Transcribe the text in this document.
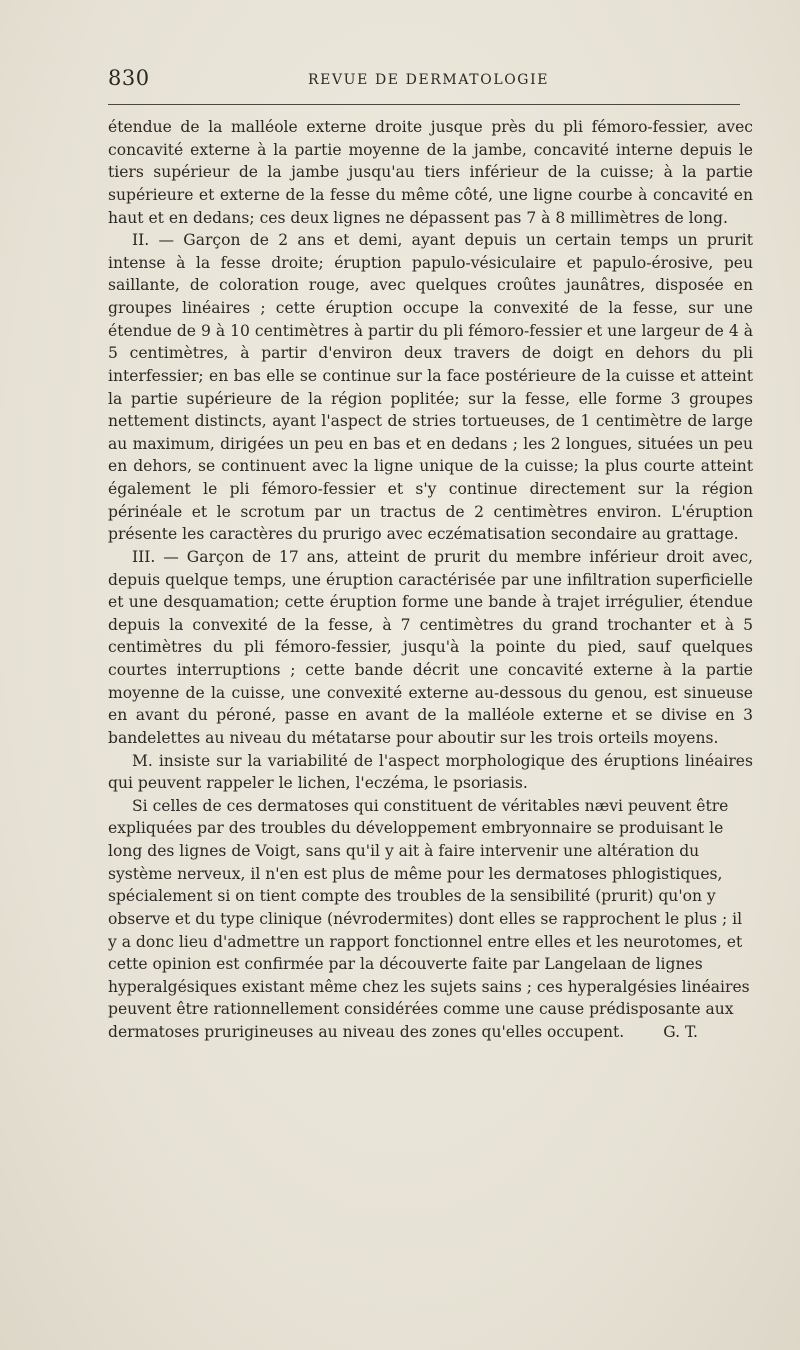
830	REVUE DE DERMATOLOGIE

étendue de la malléole externe droite jusque près du pli fémoro-fessier, avec concavité externe à la partie moyenne de la jambe, concavité interne depuis le tiers supérieur de la jambe jusqu'au tiers inférieur de la cuisse; à la partie supérieure et externe de la fesse du même côté, une ligne courbe à concavité en haut et en dedans; ces deux lignes ne dépassent pas 7 à 8 millimètres de long.

II. — Garçon de 2 ans et demi, ayant depuis un certain temps un prurit intense à la fesse droite; éruption papulo-vésiculaire et papulo-érosive, peu saillante, de coloration rouge, avec quelques croûtes jaunâtres, disposée en groupes linéaires ; cette éruption occupe la convexité de la fesse, sur une étendue de 9 à 10 centimètres à partir du pli fémoro-fessier et une largeur de 4 à 5 centimètres, à partir d'environ deux travers de doigt en dehors du pli interfessier; en bas elle se continue sur la face postérieure de la cuisse et atteint la partie supérieure de la région poplitée; sur la fesse, elle forme 3 groupes nettement distincts, ayant l'aspect de stries tortueuses, de 1 centimètre de large au maximum, dirigées un peu en bas et en dedans ; les 2 longues, situées un peu en dehors, se continuent avec la ligne unique de la cuisse; la plus courte atteint également le pli fémoro-fessier et s'y continue directement sur la région périnéale et le scrotum par un tractus de 2 centimètres environ. L'éruption présente les caractères du prurigo avec eczématisation secondaire au grattage.

III. — Garçon de 17 ans, atteint de prurit du membre inférieur droit avec, depuis quelque temps, une éruption caractérisée par une infiltration superficielle et une desquamation; cette éruption forme une bande à trajet irrégulier, étendue depuis la convexité de la fesse, à 7 centimètres du grand trochanter et à 5 centimètres du pli fémoro-fessier, jusqu'à la pointe du pied, sauf quelques courtes interruptions ; cette bande décrit une concavité externe à la partie moyenne de la cuisse, une convexité externe au-dessous du genou, est sinueuse en avant du péroné, passe en avant de la malléole externe et se divise en 3 bandelettes au niveau du métatarse pour aboutir sur les trois orteils moyens.

M. insiste sur la variabilité de l'aspect morphologique des éruptions linéaires qui peuvent rappeler le lichen, l'eczéma, le psoriasis.

Si celles de ces dermatoses qui constituent de véritables nævi peuvent être expliquées par des troubles du développement embryonnaire se produisant le long des lignes de Voigt, sans qu'il y ait à faire intervenir une altération du système nerveux, il n'en est plus de même pour les dermatoses phlogistiques, spécialement si on tient compte des troubles de la sensibilité (prurit) qu'on y observe et du type clinique (névrodermites) dont elles se rapprochent le plus ; il y a donc lieu d'admettre un rapport fonctionnel entre elles et les neurotomes, et cette opinion est confirmée par la découverte faite par Langelaan de lignes hyperalgésiques existant même chez les sujets sains ; ces hyperalgésies linéaires peuvent être rationnellement considérées comme une cause prédisposante aux dermatoses prurigineuses au niveau des zones qu'elles occupent.	G. T.
